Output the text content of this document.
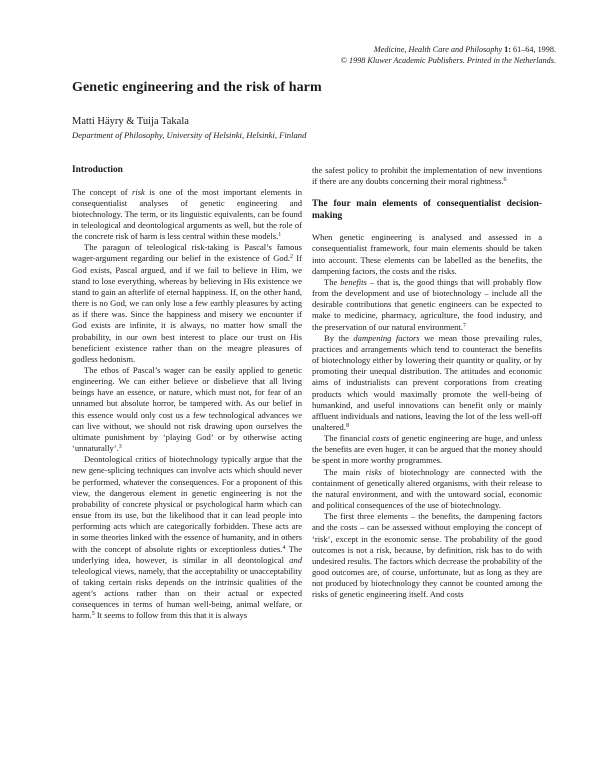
Medicine, Health Care and Philosophy 1: 61–64, 1998.
© 1998 Kluwer Academic Publishers. Printed in the Netherlands.
Genetic engineering and the risk of harm
Matti Häyry & Tuija Takala
Department of Philosophy, University of Helsinki, Helsinki, Finland
Introduction

The concept of risk is one of the most important elements in consequentialist analyses of genetic engineering and biotechnology. The term, or its linguistic equivalents, can be found in teleological and deontological arguments as well, but the role of the concrete risk of harm is less central within these models.$^1$

The paragon of teleological risk-taking is Pascal’s famous wager-argument regarding our belief in the existence of God.$^2$ If God exists, Pascal argued, and if we fail to believe in Him, we stand to lose everything, whereas by believing in His existence we stand to gain an afterlife of eternal happiness. If, on the other hand, there is no God, we can only lose a few earthly pleasures by acting as if there was. Since the happiness and misery we encounter if God exists are infinite, it is always, no matter how small the probability, in our own best interest to place our trust on His beneficient existence rather than on the meagre pleasures of godless hedonism.

The ethos of Pascal’s wager can be easily applied to genetic engineering. We can either believe or disbelieve that all living beings have an essence, or nature, which must not, for fear of an unnamed but absolute horror, be tampered with. As our belief in this essence would only cost us a few technological advances we can live without, we should not risk drawing upon ourselves the ultimate punishment by ‘playing God’ or by otherwise acting ‘unnaturally’.$^3$

Deontological critics of biotechnology typically argue that the new gene-splicing techniques can involve acts which should never be performed, whatever the consequences. For a proponent of this view, the dangerous element in genetic engineering is not the probability of concrete physical or psychological harm which can ensue from its use, but the likelihood that it can lead people into performing acts which are categorically forbidden. These acts are in some theories linked with the essence of humanity, and in others with the concept of absolute rights or exceptionless duties.$^4$ The underlying idea, however, is similar in all deontological and teleological views, namely, that the acceptability or unacceptability of taking certain risks depends on the intrinsic qualities of the agent’s actions rather than on their actual or expected consequences in terms of human well-being, animal welfare, or harm.$^5$ It seems to follow from this that it is always

the safest policy to prohibit the implementation of new inventions if there are any doubts concerning their moral rightness.$^6$

The four main elements of consequentialist decision-making

When genetic engineering is analysed and assessed in a consequentialist framework, four main elements should be taken into account. These elements can be labelled as the benefits, the dampening factors, the costs and the risks.

The benefits – that is, the good things that will probably flow from the development and use of biotechnology – include all the desirable contributions that genetic engineers can be expected to make to medicine, pharmacy, agriculture, the food industry, and the preservation of our natural environment.$^7$

By the dampening factors we mean those prevailing rules, practices and arrangements which tend to counteract the benefits of biotechnology either by lowering their quantity or quality, or by promoting their unequal distribution. The attitudes and economic aims of industrialists can prevent corporations from creating products which would maximally promote the well-being of humankind, and useful innovations can benefit only or mainly affluent individuals and nations, leaving the lot of the less well-off unaltered.$^8$

The financial costs of genetic engineering are huge, and unless the benefits are even huger, it can be argued that the money should be spent in more worthy programmes.

The main risks of biotechnology are connected with the containment of genetically altered organisms, with their release to the natural environment, and with the untoward social, economic and political consequences of the use of biotechnology.

The first three elements – the benefits, the dampening factors and the costs – can be assessed without employing the concept of ‘risk’, except in the economic sense. The probability of the good outcomes is not a risk, because, by definition, risk has to do with undesired results. The factors which decrease the probability of the good outcomes are, of course, unfortunate, but as long as they are not produced by biotechnology they cannot be counted among the risks of genetic engineering itself. And costs
